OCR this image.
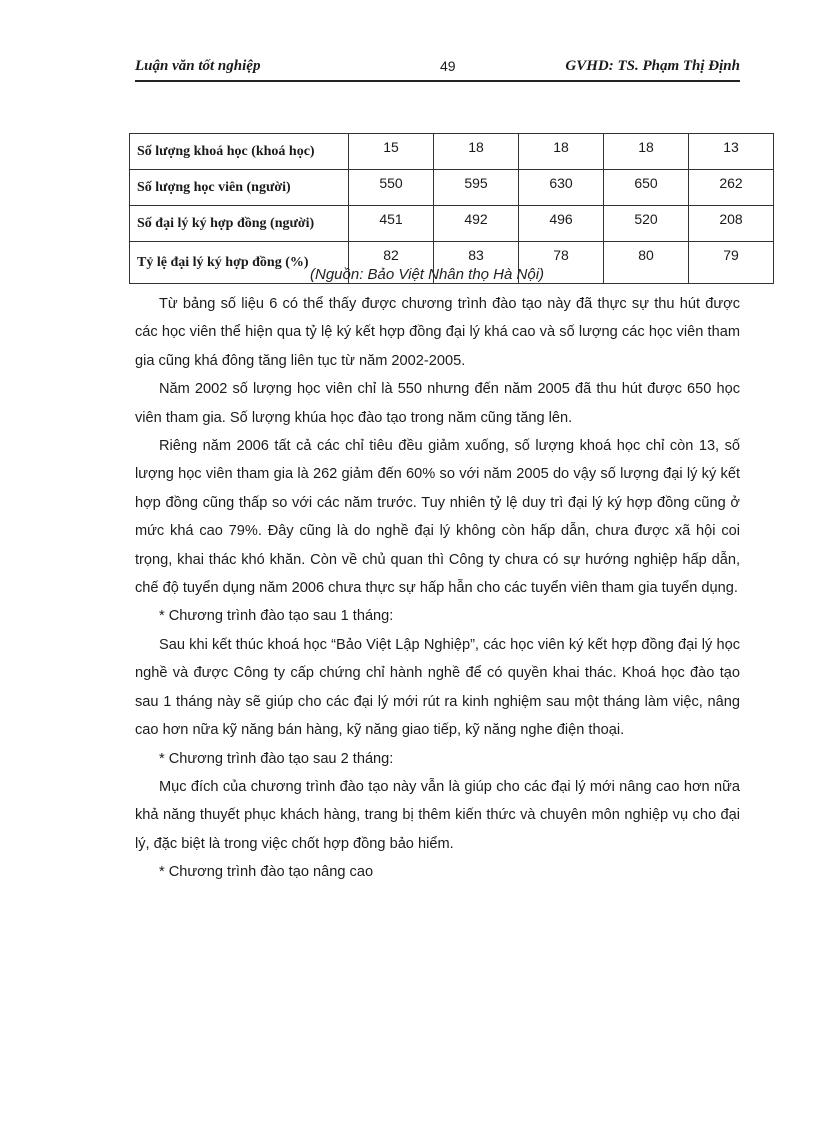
Luận văn tốt nghiệp	49	GVHD: TS. Phạm Thị Định
Số lượng khoá học (khoá học)	15	18	18	18	13
Số lượng học viên (người)	550	595	630	650	262
Số đại lý ký hợp đồng (người)	451	492	496	520	208
Tỷ lệ đại lý ký hợp đồng (%)	82	83	78	80	79
(Nguồn: Bảo Việt Nhân thọ Hà Nội)

Từ bảng số liệu 6 có thể thấy được chương trình đào tạo này đã thực sự thu hút được các học viên thể hiện qua tỷ lệ ký kết hợp đồng đại lý khá cao và số lượng các học viên tham gia cũng khá đông tăng liên tục từ năm 2002-2005.

Năm 2002 số lượng học viên chỉ là 550 nhưng đến năm 2005 đã thu hút được 650 học viên tham gia. Số lượng khúa học đào tạo trong năm cũng tăng lên.

Riêng năm 2006 tất cả các chỉ tiêu đều giảm xuống, số lượng khoá học chỉ còn 13, số lượng học viên tham gia là 262 giảm đến 60% so với năm 2005 do vậy số lượng đại lý ký kết hợp đồng cũng thấp so với các năm trước. Tuy nhiên tỷ lệ duy trì đại lý ký hợp đồng cũng ở mức khá cao 79%. Đây cũng là do nghề đại lý không còn hấp dẫn, chưa được xã hội coi trọng, khai thác khó khăn. Còn về chủ quan thì Công ty chưa có sự hướng nghiệp hấp dẫn, chế độ tuyển dụng năm 2006 chưa thực sự hấp hẫn cho các tuyển viên tham gia tuyển dụng.

* Chương trình đào tạo sau 1 tháng:

Sau khi kết thúc khoá học “Bảo Việt Lập Nghiệp”, các học viên ký kết hợp đồng đại lý học nghề và được Công ty cấp chứng chỉ hành nghề để có quyền khai thác. Khoá học đào tạo sau 1 tháng này sẽ giúp cho các đại lý mới rút ra kinh nghiệm sau một tháng làm việc, nâng cao hơn nữa kỹ năng bán hàng, kỹ năng giao tiếp, kỹ năng nghe điện thoại.

* Chương trình đào tạo sau 2 tháng:

Mục đích của chương trình đào tạo này vẫn là giúp cho các đại lý mới nâng cao hơn nữa khả năng thuyết phục khách hàng, trang bị thêm kiến thức và chuyên môn nghiệp vụ cho đại lý, đặc biệt là trong việc chốt hợp đồng bảo hiểm.

* Chương trình đào tạo nâng cao
